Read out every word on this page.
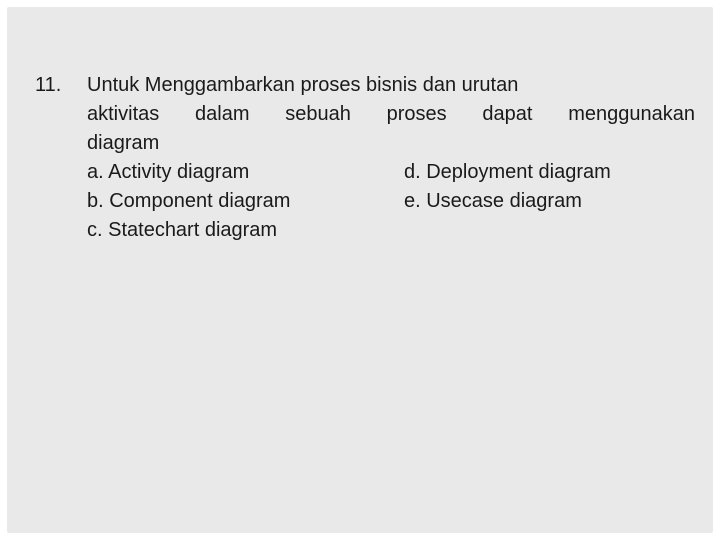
11.	Untuk Menggambarkan proses bisnis dan urutan
aktivitas dalam sebuah proses dapat menggunakan
diagram
a. Activity diagram	d. Deployment diagram
b. Component diagram	e. Usecase diagram
c. Statechart diagram
